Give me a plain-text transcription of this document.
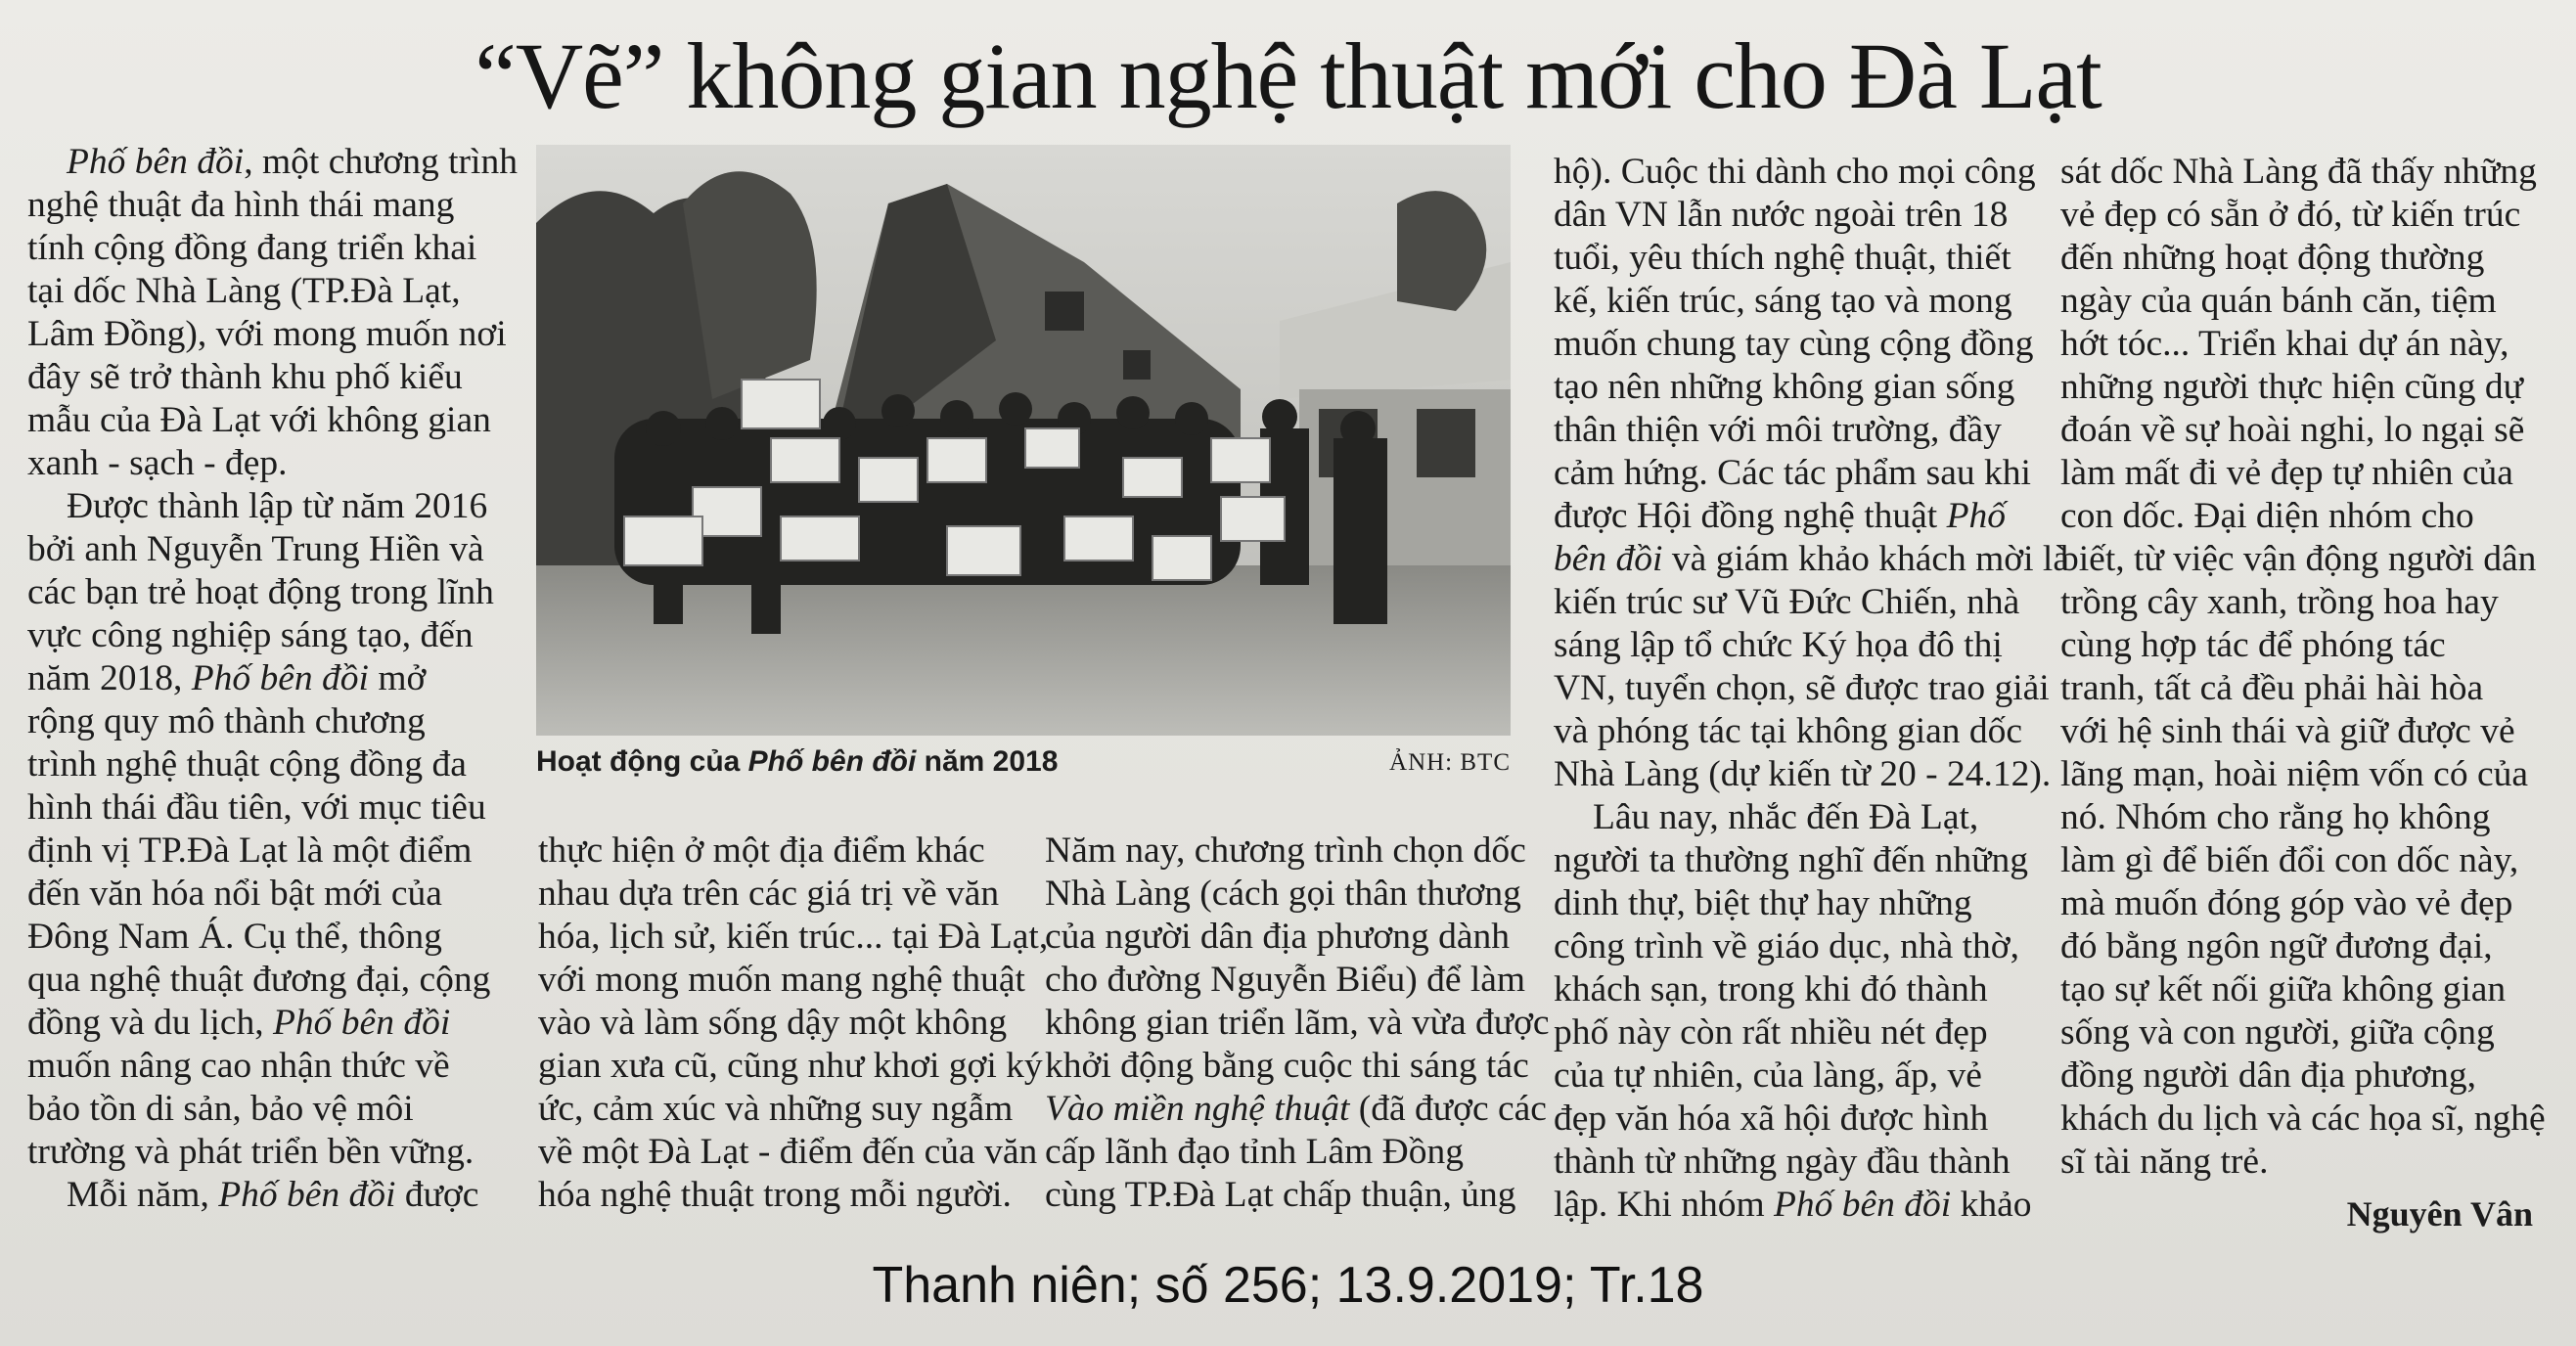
“Vẽ” không gian nghệ thuật mới cho Đà Lạt
Phố bên đồi, một chương trình
nghệ thuật đa hình thái mang
tính cộng đồng đang triển khai
tại dốc Nhà Làng (TP.Đà Lạt,
Lâm Đồng), với mong muốn nơi
đây sẽ trở thành khu phố kiểu
mẫu của Đà Lạt với không gian
xanh - sạch - đẹp.
Được thành lập từ năm 2016
bởi anh Nguyễn Trung Hiền và
các bạn trẻ hoạt động trong lĩnh
vực công nghiệp sáng tạo, đến
năm 2018, Phố bên đồi mở
rộng quy mô thành chương
trình nghệ thuật cộng đồng đa
hình thái đầu tiên, với mục tiêu
định vị TP.Đà Lạt là một điểm
đến văn hóa nổi bật mới của
Đông Nam Á. Cụ thể, thông
qua nghệ thuật đương đại, cộng
đồng và du lịch, Phố bên đồi
muốn nâng cao nhận thức về
bảo tồn di sản, bảo vệ môi
trường và phát triển bền vững.
Mỗi năm, Phố bên đồi được
Hoạt động của Phố bên đồi năm 2018	ẢNH: BTC
thực hiện ở một địa điểm khác
nhau dựa trên các giá trị về văn
hóa, lịch sử, kiến trúc... tại Đà Lạt,
với mong muốn mang nghệ thuật
vào và làm sống dậy một không
gian xưa cũ, cũng như khơi gợi ký
ức, cảm xúc và những suy ngẫm
về một Đà Lạt - điểm đến của văn
hóa nghệ thuật trong mỗi người.
Năm nay, chương trình chọn dốc
Nhà Làng (cách gọi thân thương
của người dân địa phương dành
cho đường Nguyễn Biểu) để làm
không gian triển lãm, và vừa được
khởi động bằng cuộc thi sáng tác
Vào miền nghệ thuật (đã được các
cấp lãnh đạo tỉnh Lâm Đồng
cùng TP.Đà Lạt chấp thuận, ủng
hộ). Cuộc thi dành cho mọi công
dân VN lẫn nước ngoài trên 18
tuổi, yêu thích nghệ thuật, thiết
kế, kiến trúc, sáng tạo và mong
muốn chung tay cùng cộng đồng
tạo nên những không gian sống
thân thiện với môi trường, đầy
cảm hứng. Các tác phẩm sau khi
được Hội đồng nghệ thuật Phố
bên đồi và giám khảo khách mời là
kiến trúc sư Vũ Đức Chiến, nhà
sáng lập tổ chức Ký họa đô thị
VN, tuyển chọn, sẽ được trao giải
và phóng tác tại không gian dốc
Nhà Làng (dự kiến từ 20 - 24.12).
Lâu nay, nhắc đến Đà Lạt,
người ta thường nghĩ đến những
dinh thự, biệt thự hay những
công trình về giáo dục, nhà thờ,
khách sạn, trong khi đó thành
phố này còn rất nhiều nét đẹp
của tự nhiên, của làng, ấp, vẻ
đẹp văn hóa xã hội được hình
thành từ những ngày đầu thành
lập. Khi nhóm Phố bên đồi khảo
sát dốc Nhà Làng đã thấy những
vẻ đẹp có sẵn ở đó, từ kiến trúc
đến những hoạt động thường
ngày của quán bánh căn, tiệm
hớt tóc... Triển khai dự án này,
những người thực hiện cũng dự
đoán về sự hoài nghi, lo ngại sẽ
làm mất đi vẻ đẹp tự nhiên của
con dốc. Đại diện nhóm cho
biết, từ việc vận động người dân
trồng cây xanh, trồng hoa hay
cùng hợp tác để phóng tác
tranh, tất cả đều phải hài hòa
với hệ sinh thái và giữ được vẻ
lãng mạn, hoài niệm vốn có của
nó. Nhóm cho rằng họ không
làm gì để biến đổi con dốc này,
mà muốn đóng góp vào vẻ đẹp
đó bằng ngôn ngữ đương đại,
tạo sự kết nối giữa không gian
sống và con người, giữa cộng
đồng người dân địa phương,
khách du lịch và các họa sĩ, nghệ
sĩ tài năng trẻ.
Nguyên Vân
Thanh niên; số 256; 13.9.2019; Tr.18
